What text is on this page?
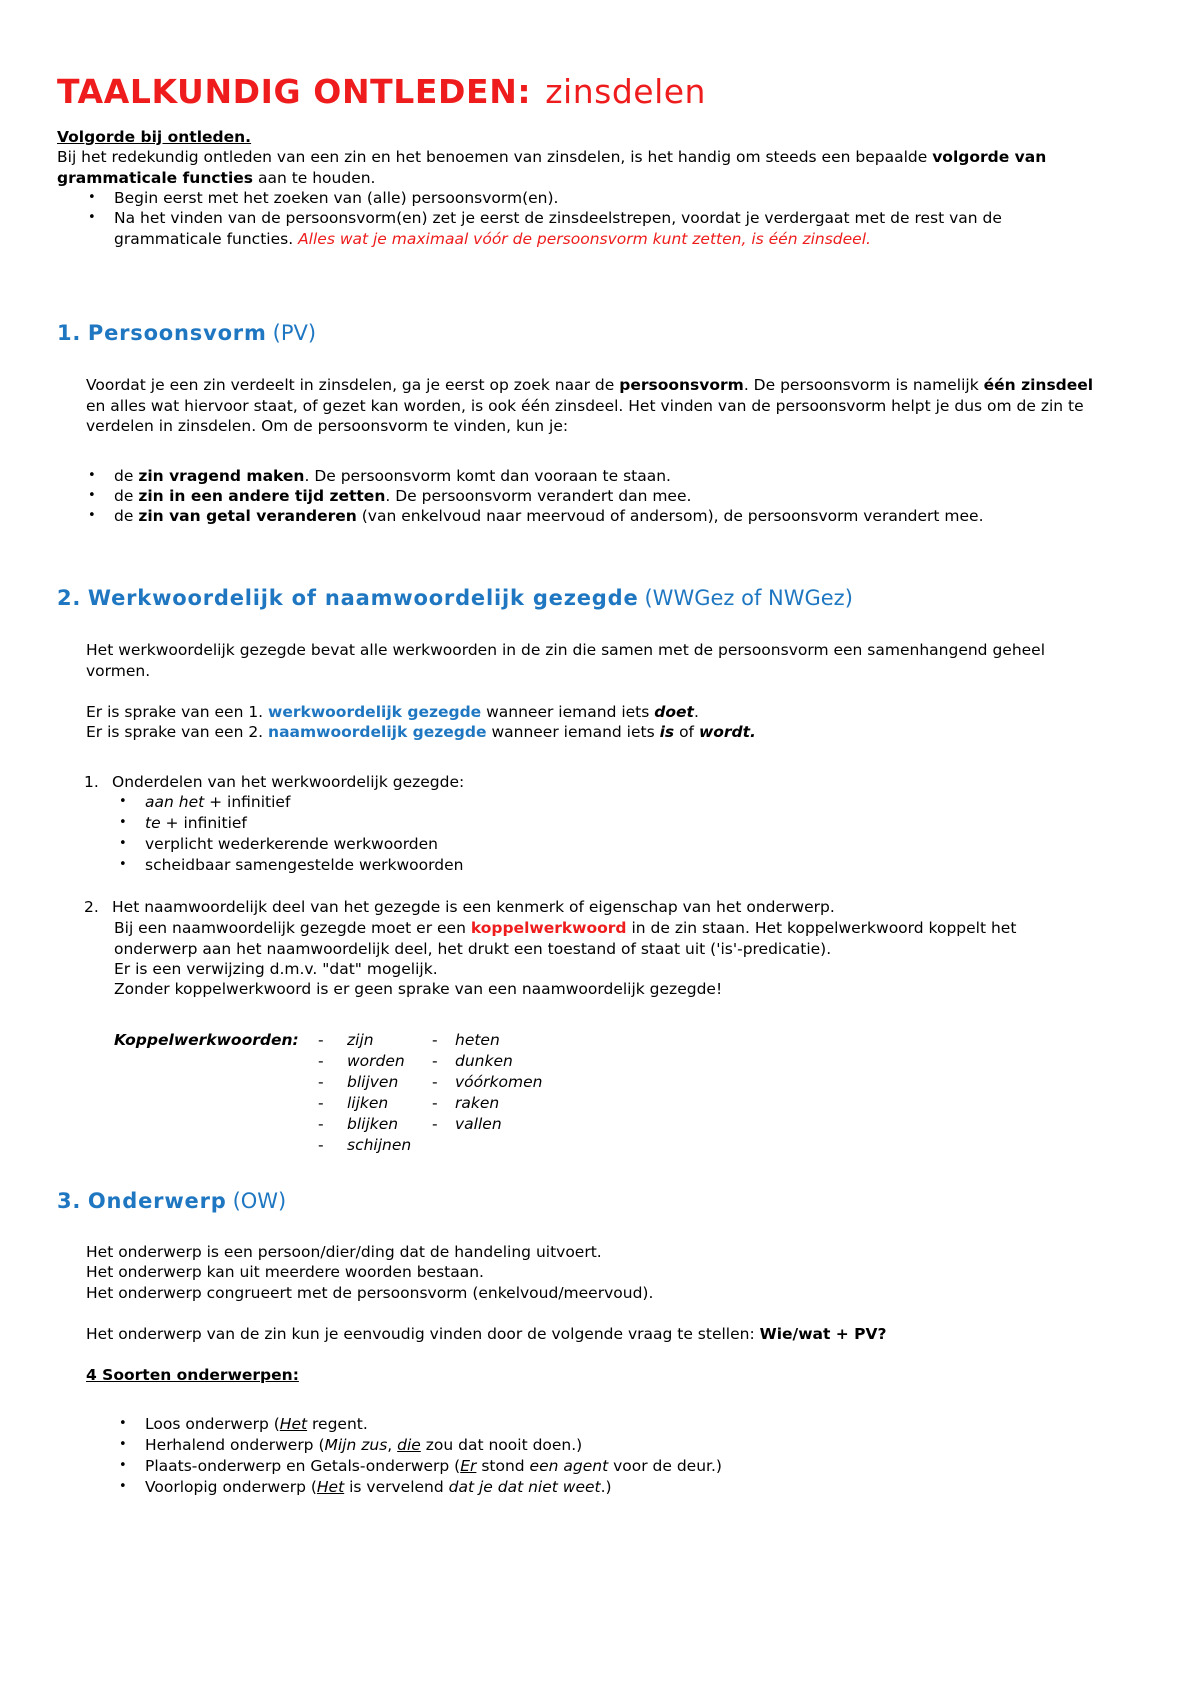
TAALKUNDIG ONTLEDEN: zinsdelen
Volgorde bij ontleden.
Bij het redekundig ontleden van een zin en het benoemen van zinsdelen, is het handig om steeds een bepaalde volgorde van grammaticale functies aan te houden.
• Begin eerst met het zoeken van (alle) persoonsvorm(en).
• Na het vinden van de persoonsvorm(en) zet je eerst de zinsdeelstrepen, voordat je verdergaat met de rest van de grammaticale functies. Alles wat je maximaal vóór de persoonsvorm kunt zetten, is één zinsdeel.
1. Persoonsvorm (PV)
Voordat je een zin verdeelt in zinsdelen, ga je eerst op zoek naar de persoonsvorm. De persoonsvorm is namelijk één zinsdeel en alles wat hiervoor staat, of gezet kan worden, is ook één zinsdeel. Het vinden van de persoonsvorm helpt je dus om de zin te verdelen in zinsdelen. Om de persoonsvorm te vinden, kun je:
• de zin vragend maken. De persoonsvorm komt dan vooraan te staan.
• de zin in een andere tijd zetten. De persoonsvorm verandert dan mee.
• de zin van getal veranderen (van enkelvoud naar meervoud of andersom), de persoonsvorm verandert mee.
2. Werkwoordelijk of naamwoordelijk gezegde (WWGez of NWGez)
Het werkwoordelijk gezegde bevat alle werkwoorden in de zin die samen met de persoonsvorm een samenhangend geheel vormen.
Er is sprake van een 1. werkwoordelijk gezegde wanneer iemand iets doet.
Er is sprake van een 2. naamwoordelijk gezegde wanneer iemand iets is of wordt.
1. Onderdelen van het werkwoordelijk gezegde:
• aan het + infinitief
• te + infinitief
• verplicht wederkerende werkwoorden
• scheidbaar samengestelde werkwoorden
2. Het naamwoordelijk deel van het gezegde is een kenmerk of eigenschap van het onderwerp.
Bij een naamwoordelijk gezegde moet er een koppelwerkwoord in de zin staan. Het koppelwerkwoord koppelt het onderwerp aan het naamwoordelijk deel, het drukt een toestand of staat uit ('is'-predicatie).
Er is een verwijzing d.m.v. "dat" mogelijk.
Zonder koppelwerkwoord is er geen sprake van een naamwoordelijk gezegde!
Koppelwerkwoorden: - zijn
- worden
- blijven
- lijken
- blijken
- schijnen
- heten
- dunken
- vóórkomen
- raken
- vallen
3. Onderwerp (OW)
Het onderwerp is een persoon/dier/ding dat de handeling uitvoert.
Het onderwerp kan uit meerdere woorden bestaan.
Het onderwerp congrueert met de persoonsvorm (enkelvoud/meervoud).
Het onderwerp van de zin kun je eenvoudig vinden door de volgende vraag te stellen: Wie/wat + PV?
4 Soorten onderwerpen:
• Loos onderwerp (Het regent.
• Herhalend onderwerp (Mijn zus, die zou dat nooit doen.)
• Plaats-onderwerp en Getals-onderwerp (Er stond een agent voor de deur.)
• Voorlopig onderwerp (Het is vervelend dat je dat niet weet.)
